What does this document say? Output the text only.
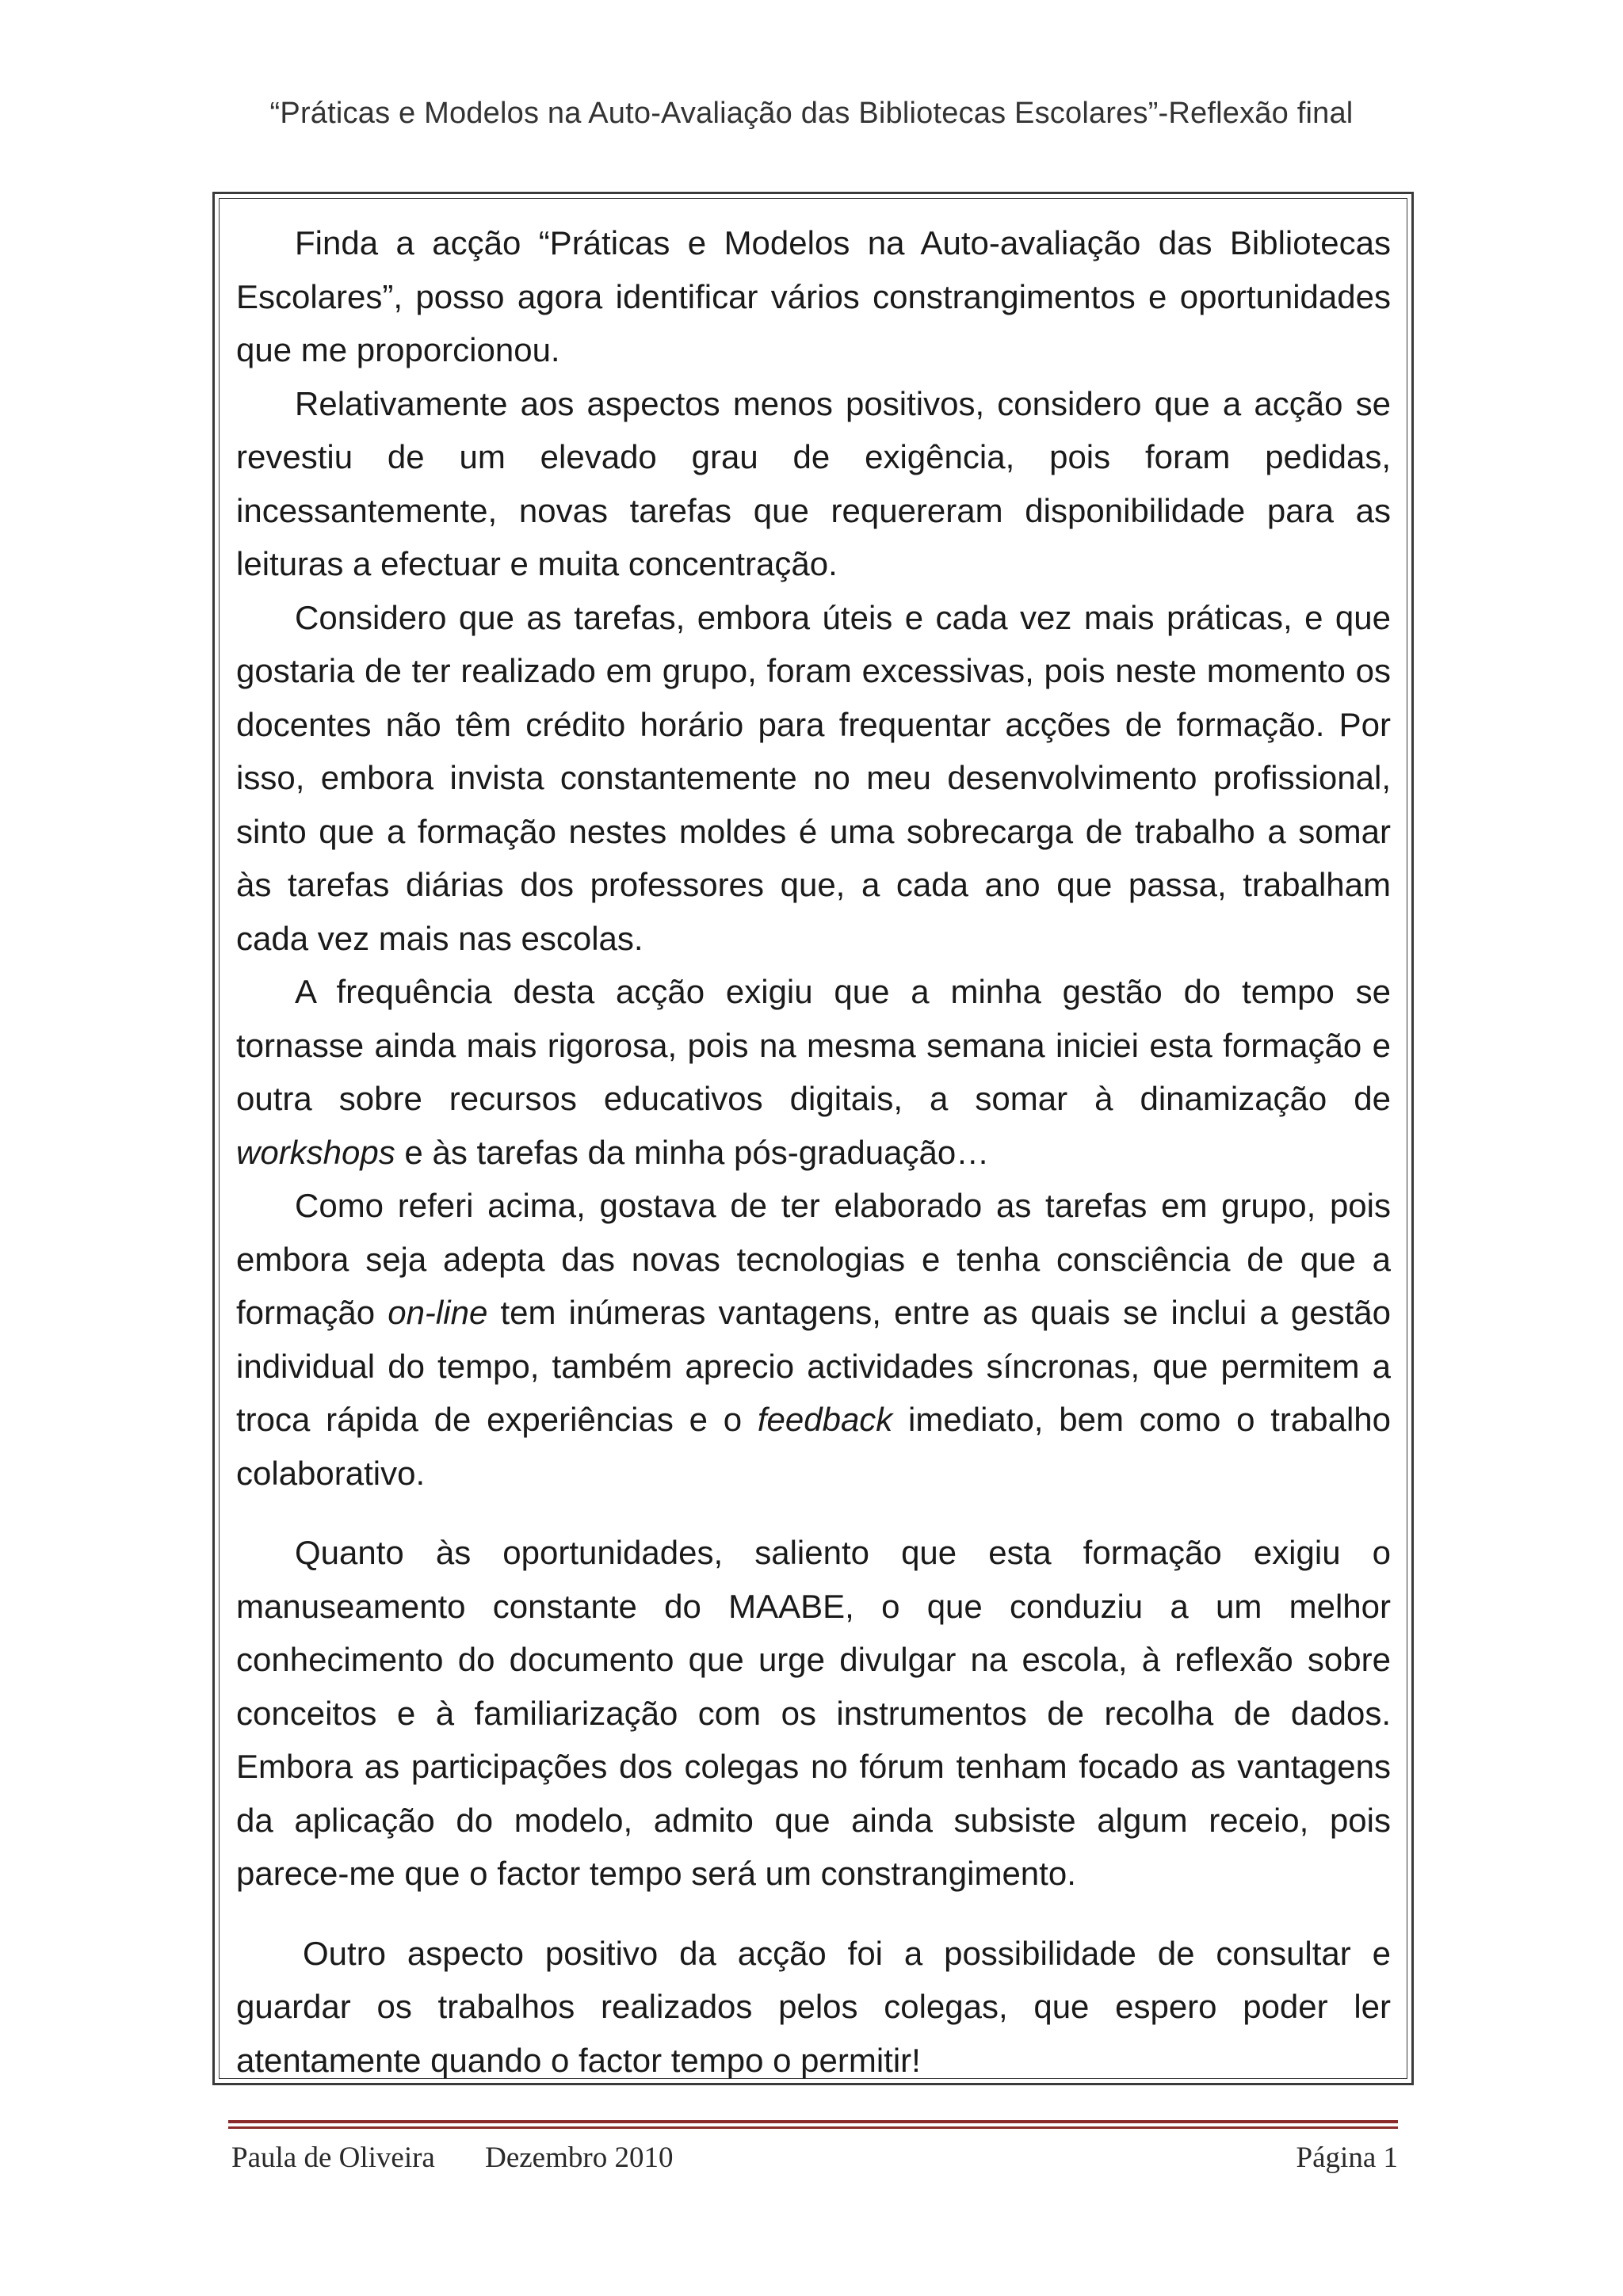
“Práticas e Modelos na Auto-Avaliação das Bibliotecas Escolares”-Reflexão final

Finda a acção “Práticas e Modelos na Auto-avaliação das Bibliotecas Escolares”, posso agora identificar vários constrangimentos e oportunidades que me proporcionou.

Relativamente aos aspectos menos positivos, considero que a acção se revestiu de um elevado grau de exigência, pois foram pedidas, incessantemente, novas tarefas que requereram disponibilidade para as leituras a efectuar e muita concentração.

Considero que as tarefas, embora úteis e cada vez mais práticas, e que gostaria de ter realizado em grupo, foram excessivas, pois neste momento os docentes não têm crédito horário para frequentar acções de formação. Por isso, embora invista constantemente no meu desenvolvimento profissional, sinto que a formação nestes moldes é uma sobrecarga de trabalho a somar às tarefas diárias dos professores que, a cada ano que passa, trabalham cada vez mais nas escolas.

A frequência desta acção exigiu que a minha gestão do tempo se tornasse ainda mais rigorosa, pois na mesma semana iniciei esta formação e outra sobre recursos educativos digitais, a somar à dinamização de workshops e às tarefas da minha pós-graduação…

Como referi acima, gostava de ter elaborado as tarefas em grupo, pois embora seja adepta das novas tecnologias e tenha consciência de que a formação on-line tem inúmeras vantagens, entre as quais se inclui a gestão individual do tempo, também aprecio actividades síncronas, que permitem a troca rápida de experiências e o feedback imediato, bem como o trabalho colaborativo.

Quanto às oportunidades, saliento que esta formação exigiu o manuseamento constante do MAABE, o que conduziu a um melhor conhecimento do documento que urge divulgar na escola, à reflexão sobre conceitos e à familiarização com os instrumentos de recolha de dados. Embora as participações dos colegas no fórum tenham focado as vantagens da aplicação do modelo, admito que ainda subsiste algum receio, pois parece-me que o factor tempo será um constrangimento.

Outro aspecto positivo da acção foi a possibilidade de consultar e guardar os trabalhos realizados pelos colegas, que espero poder ler atentamente quando o factor tempo o permitir!

Paula de Oliveira Dezembro 2010	Página 1
